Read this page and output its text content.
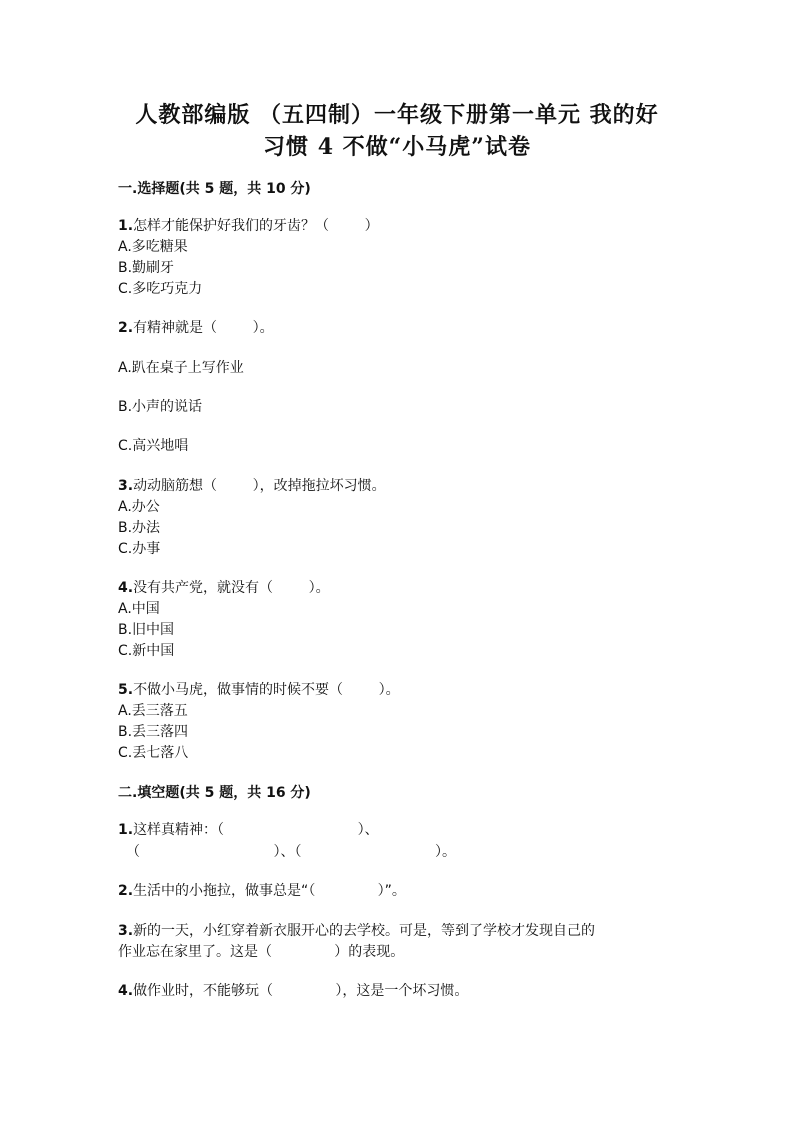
人教部编版 （五四制）一年级下册第一单元 我的好
习惯 4 不做“小马虎”试卷
一.选择题(共 5 题，共 10 分)
1.怎样才能保护好我们的牙齿？（        ）
A.多吃糖果
B.勤刷牙
C.多吃巧克力
2.有精神就是（        ）。
A.趴在桌子上写作业
B.小声的说话
C.高兴地唱
3.动动脑筋想（        ），改掉拖拉坏习惯。
A.办公
B.办法
C.办事
4.没有共产党，就没有（        ）。
A.中国
B.旧中国
C.新中国
5.不做小马虎，做事情的时候不要（        ）。
A.丢三落五
B.丢三落四
C.丢七落八
二.填空题(共 5 题，共 16 分)
1.这样真精神：（                              ）、
（                              ）、（                              ）。
2.生活中的小拖拉，做事总是“（              ）”。
3.新的一天，小红穿着新衣服开心的去学校。可是，等到了学校才发现自己的
作业忘在家里了。这是（              ）的表现。
4.做作业时，不能够玩（              ），这是一个坏习惯。
